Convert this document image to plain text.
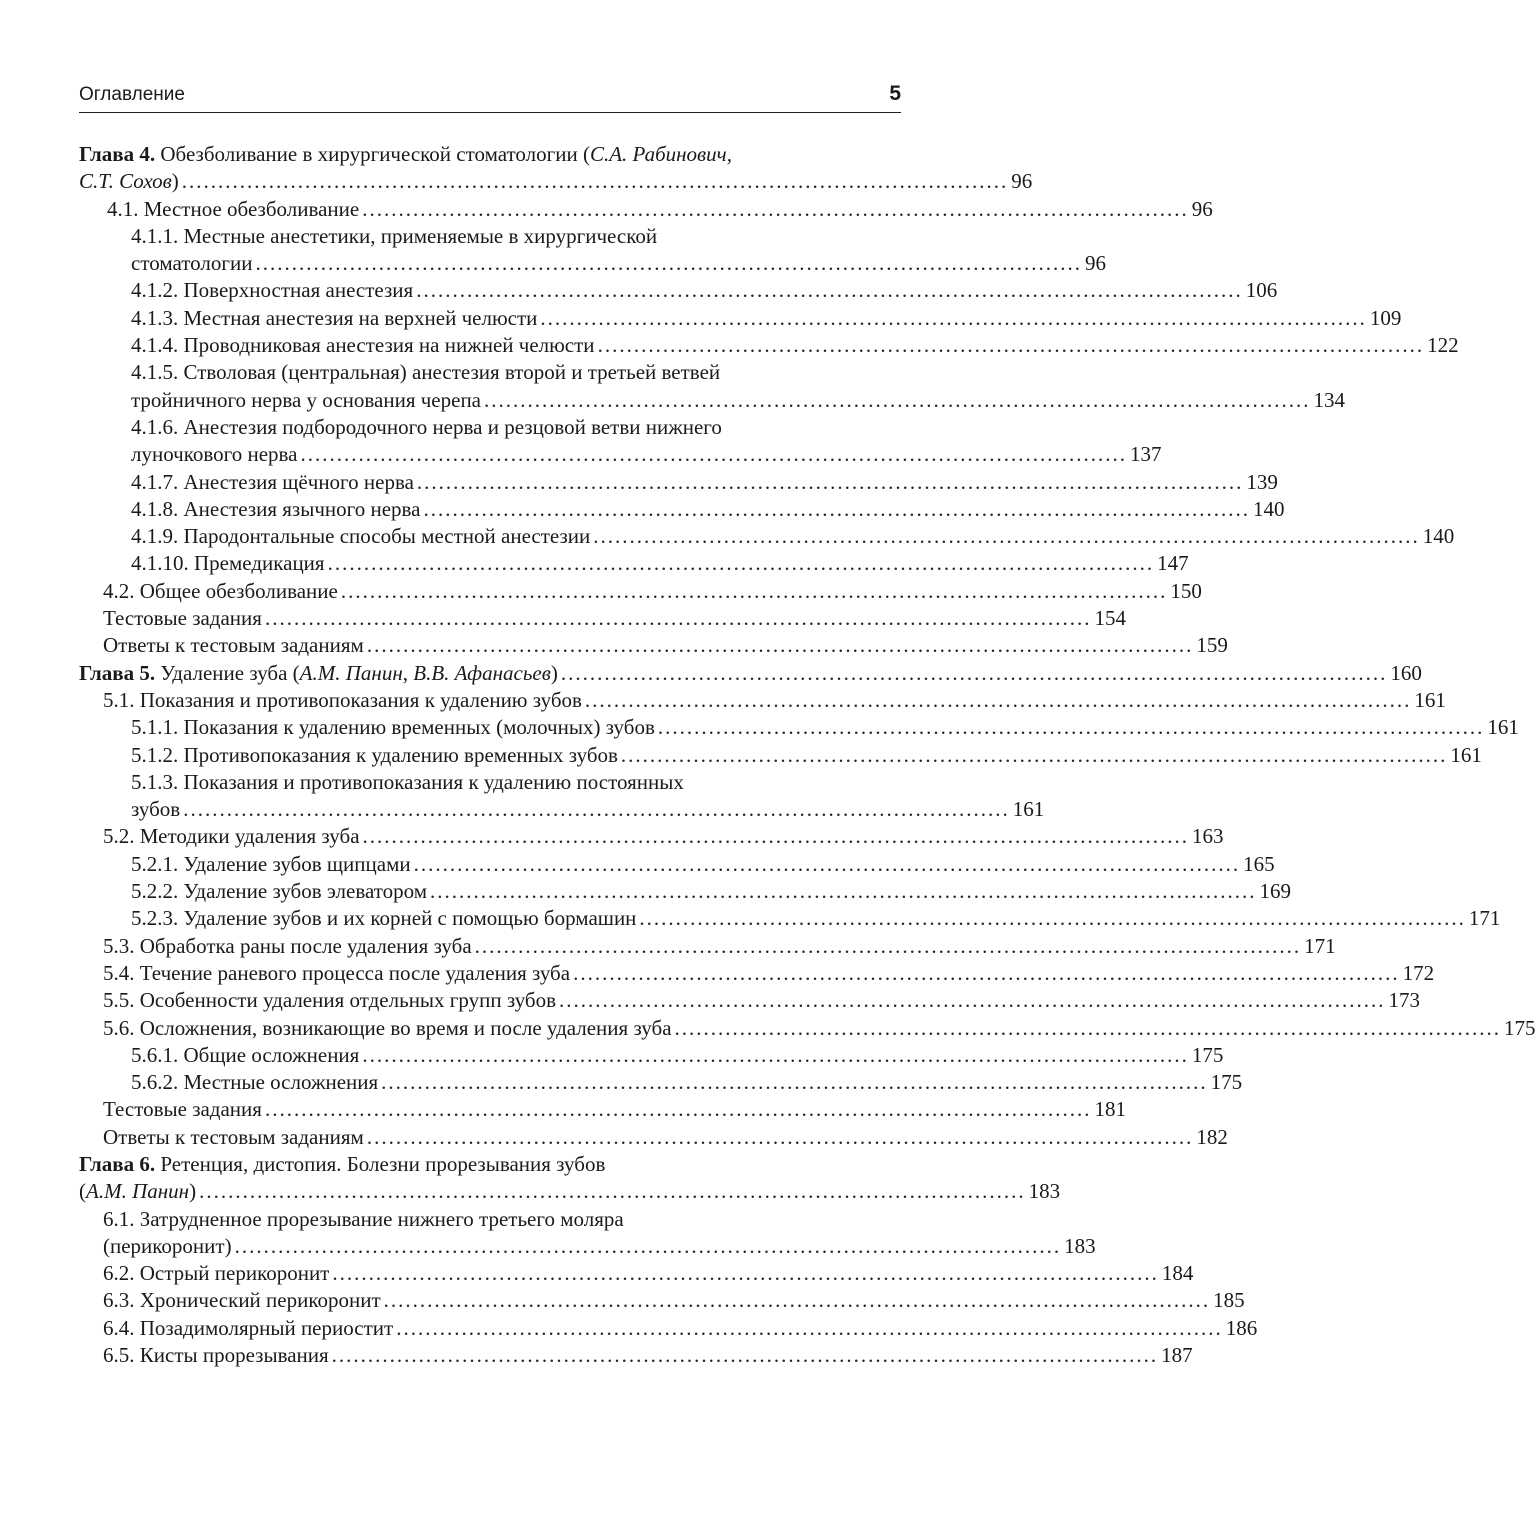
Оглавление	5
Глава 4. Обезболивание в хирургической стоматологии (С.А. Рабинович,
С.Т. Сохов) .................................................................................................................. 96
4.1. Местное обезболивание .................................................................................................................. 96
4.1.1. Местные анестетики, применяемые в хирургической
стоматологии .................................................................................................................. 96
4.1.2. Поверхностная анестезия .................................................................................................................. 106
4.1.3. Местная анестезия на верхней челюсти .................................................................................................................. 109
4.1.4. Проводниковая анестезия на нижней челюсти .................................................................................................................. 122
4.1.5. Стволовая (центральная) анестезия второй и третьей ветвей
тройничного нерва у основания черепа .................................................................................................................. 134
4.1.6. Анестезия подбородочного нерва и резцовой ветви нижнего
луночкового нерва .................................................................................................................. 137
4.1.7. Анестезия щёчного нерва .................................................................................................................. 139
4.1.8. Анестезия язычного нерва .................................................................................................................. 140
4.1.9. Пародонтальные способы местной анестезии .................................................................................................................. 140
4.1.10. Премедикация .................................................................................................................. 147
4.2. Общее обезболивание .................................................................................................................. 150
Тестовые задания .................................................................................................................. 154
Ответы к тестовым заданиям .................................................................................................................. 159
Глава 5. Удаление зуба (А.М. Панин, В.В. Афанасьев) .................................................................................................................. 160
5.1. Показания и противопоказания к удалению зубов .................................................................................................................. 161
5.1.1. Показания к удалению временных (молочных) зубов .................................................................................................................. 161
5.1.2. Противопоказания к удалению временных зубов .................................................................................................................. 161
5.1.3. Показания и противопоказания к удалению постоянных
зубов .................................................................................................................. 161
5.2. Методики удаления зуба .................................................................................................................. 163
5.2.1. Удаление зубов щипцами .................................................................................................................. 165
5.2.2. Удаление зубов элеватором .................................................................................................................. 169
5.2.3. Удаление зубов и их корней с помощью бормашин .................................................................................................................. 171
5.3. Обработка раны после удаления зуба .................................................................................................................. 171
5.4. Течение раневого процесса после удаления зуба .................................................................................................................. 172
5.5. Особенности удаления отдельных групп зубов .................................................................................................................. 173
5.6. Осложнения, возникающие во время и после удаления зуба .................................................................................................................. 175
5.6.1. Общие осложнения .................................................................................................................. 175
5.6.2. Местные осложнения .................................................................................................................. 175
Тестовые задания .................................................................................................................. 181
Ответы к тестовым заданиям .................................................................................................................. 182
Глава 6. Ретенция, дистопия. Болезни прорезывания зубов
(А.М. Панин) .................................................................................................................. 183
6.1. Затрудненное прорезывание нижнего третьего моляра
(перикоронит) .................................................................................................................. 183
6.2. Острый перикоронит .................................................................................................................. 184
6.3. Хронический перикоронит .................................................................................................................. 185
6.4. Позадимолярный периостит .................................................................................................................. 186
6.5. Кисты прорезывания .................................................................................................................. 187
